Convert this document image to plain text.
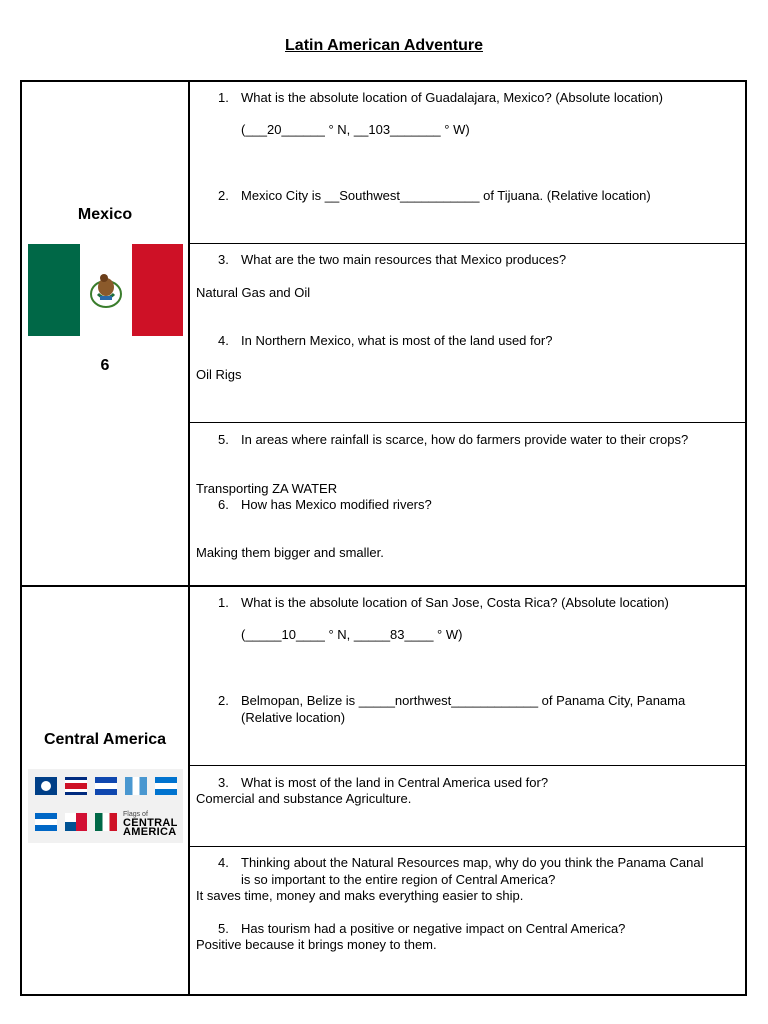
Latin American Adventure
Mexico
6
1. What is the absolute location of Guadalajara, Mexico? (Absolute location)
(___20______ ° N, __103_______ ° W)
2. Mexico City is __Southwest___________ of Tijuana. (Relative location)
3. What are the two main resources that Mexico produces?
Natural Gas and Oil
4. In Northern Mexico, what is most of the land used for?
Oil Rigs
5. In areas where rainfall is scarce, how do farmers provide water to their crops?
Transporting ZA WATER
6. How has Mexico modified rivers?
Making them bigger and smaller.
Central America
Flags of
CENTRAL
AMERICA
1. What is the absolute location of San Jose, Costa Rica? (Absolute location)
(_____10____ ° N, _____83____ ° W)
2. Belmopan, Belize is _____northwest____________ of Panama City, Panama
(Relative location)
3. What is most of the land in Central America used for?
Comercial and substance Agriculture.
4. Thinking about the Natural Resources map, why do you think the Panama Canal
is so important to the entire region of Central America?
It saves time, money and maks everything easier to ship.
5. Has tourism had a positive or negative impact on Central America?
Positive because it brings money to them.
